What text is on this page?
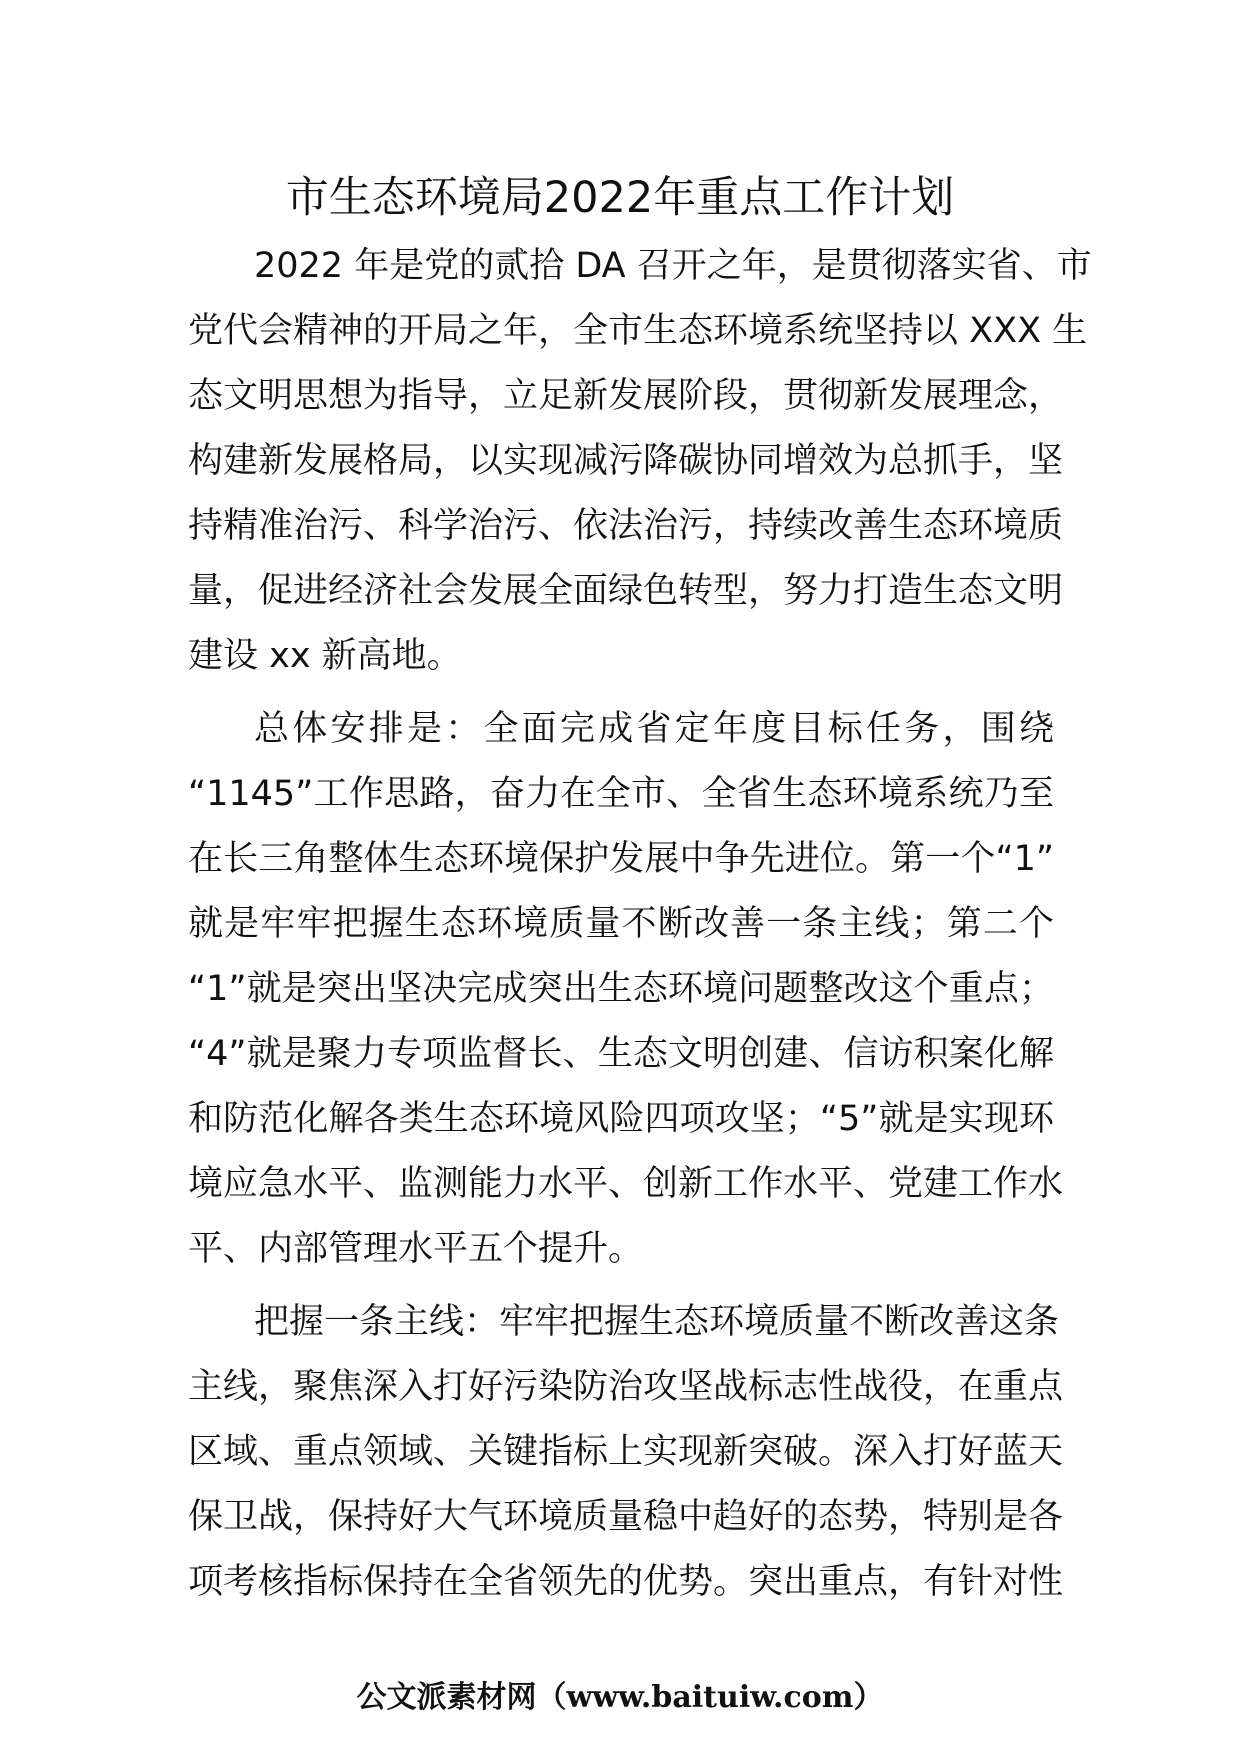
市生态环境局2022年重点工作计划
2022 年是党的贰拾 DA 召开之年，是贯彻落实省、市
党代会精神的开局之年，全市生态环境系统坚持以 XXX 生
态文明思想为指导，立足新发展阶段，贯彻新发展理念，
构建新发展格局，以实现减污降碳协同增效为总抓手，坚
持精准治污、科学治污、依法治污，持续改善生态环境质
量，促进经济社会发展全面绿色转型，努力打造生态文明
建设 xx 新高地。
总体安排是：全面完成省定年度目标任务，围绕
“1145”工作思路，奋力在全市、全省生态环境系统乃至
在长三角整体生态环境保护发展中争先进位。第一个“1”
就是牢牢把握生态环境质量不断改善一条主线；第二个
“1”就是突出坚决完成突出生态环境问题整改这个重点；
“4”就是聚力专项监督长、生态文明创建、信访积案化解
和防范化解各类生态环境风险四项攻坚；“5”就是实现环
境应急水平、监测能力水平、创新工作水平、党建工作水
平、内部管理水平五个提升。
把握一条主线：牢牢把握生态环境质量不断改善这条
主线，聚焦深入打好污染防治攻坚战标志性战役，在重点
区域、重点领域、关键指标上实现新突破。深入打好蓝天
保卫战，保持好大气环境质量稳中趋好的态势，特别是各
项考核指标保持在全省领先的优势。突出重点，有针对性
公文派素材网（www.baituiw.com）
